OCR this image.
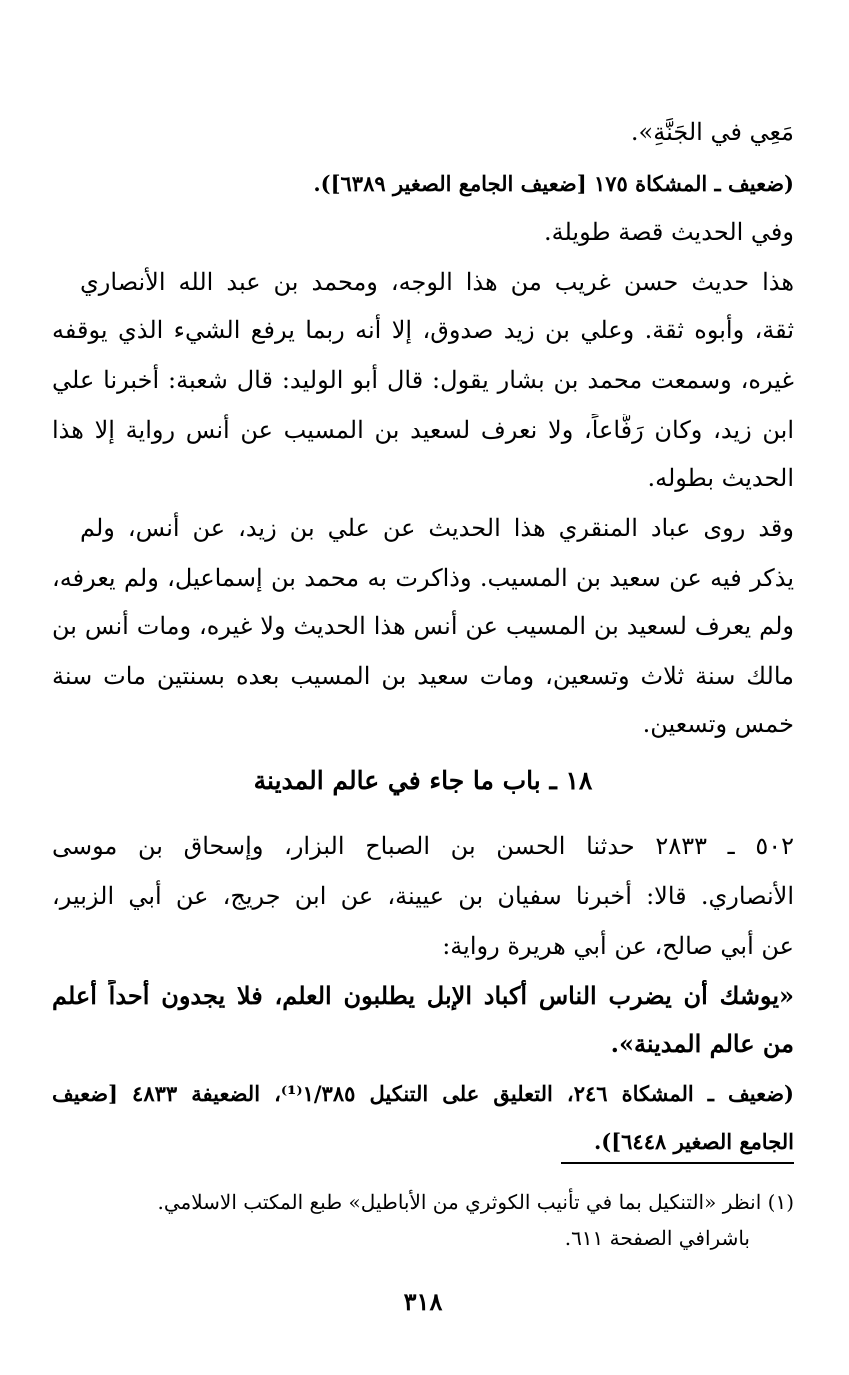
مَعِي في الجَنَّةِ».
(ضعيف ـ المشكاة ١٧٥ [ضعيف الجامع الصغير ٦٣٨٩]).
وفي الحديث قصة طويلة.
هذا حديث حسن غريب من هذا الوجه، ومحمد بن عبد الله الأنصاري
ثقة، وأبوه ثقة. وعلي بن زيد صدوق، إلا أنه ربما يرفع الشيء الذي يوقفه
غيره، وسمعت محمد بن بشار يقول: قال أبو الوليد: قال شعبة: أخبرنا علي
ابن زيد، وكان رَفَّاعاً، ولا نعرف لسعيد بن المسيب عن أنس رواية إلا هذا
الحديث بطوله.
وقد روى عباد المنقري هذا الحديث عن علي بن زيد، عن أنس، ولم
يذكر فيه عن سعيد بن المسيب. وذاكرت به محمد بن إسماعيل، ولم يعرفه،
ولم يعرف لسعيد بن المسيب عن أنس هذا الحديث ولا غيره، ومات أنس بن
مالك سنة ثلاث وتسعين، ومات سعيد بن المسيب بعده بسنتين مات سنة
خمس وتسعين.
١٨ ـ باب ما جاء في عالم المدينة
٥٠٢ ـ ٢٨٣٣ حدثنا الحسن بن الصباح البزار، وإسحاق بن موسى
الأنصاري. قالا: أخبرنا سفيان بن عيينة، عن ابن جريج، عن أبي الزبير،
عن أبي صالح، عن أبي هريرة رواية:
«يوشك أن يضرب الناس أكباد الإبل يطلبون العلم، فلا يجدون أحداً أعلم
من عالم المدينة».
(ضعيف ـ المشكاة ٢٤٦، التعليق على التنكيل ١/٣٨٥⁽¹⁾، الضعيفة ٤٨٣٣ [ضعيف
الجامع الصغير ٦٤٤٨]).
(١) انظر «التنكيل بما في تأنيب الكوثري من الأباطيل» طبع المكتب الاسلامي.
باشرافي الصفحة ٦١١.
٣١٨
